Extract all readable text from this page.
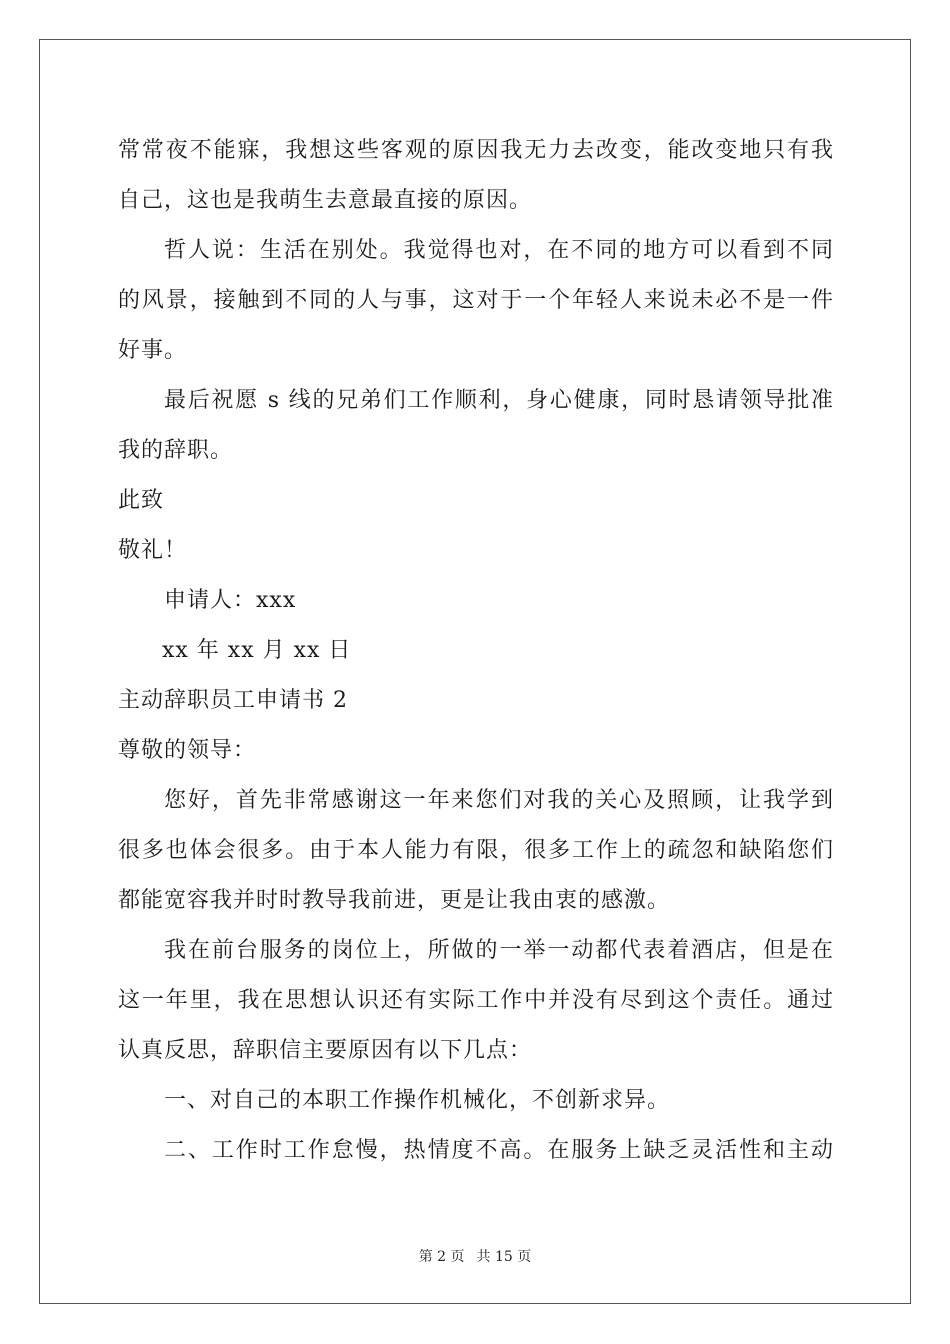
常常夜不能寐，我想这些客观的原因我无力去改变，能改变地只有我
自己，这也是我萌生去意最直接的原因。
哲人说：生活在别处。我觉得也对，在不同的地方可以看到不同
的风景，接触到不同的人与事，这对于一个年轻人来说未必不是一件
好事。
最后祝愿 s 线的兄弟们工作顺利，身心健康，同时恳请领导批准
我的辞职。
此致
敬礼！
申请人：xxx
xx 年 xx 月 xx 日
主动辞职员工申请书 2
尊敬的领导：
您好，首先非常感谢这一年来您们对我的关心及照顾，让我学到
很多也体会很多。由于本人能力有限，很多工作上的疏忽和缺陷您们
都能宽容我并时时教导我前进，更是让我由衷的感激。
我在前台服务的岗位上，所做的一举一动都代表着酒店，但是在
这一年里，我在思想认识还有实际工作中并没有尽到这个责任。通过
认真反思，辞职信主要原因有以下几点：
一、对自己的本职工作操作机械化，不创新求异。
二、工作时工作怠慢，热情度不高。在服务上缺乏灵活性和主动
第 2 页 共 15 页
